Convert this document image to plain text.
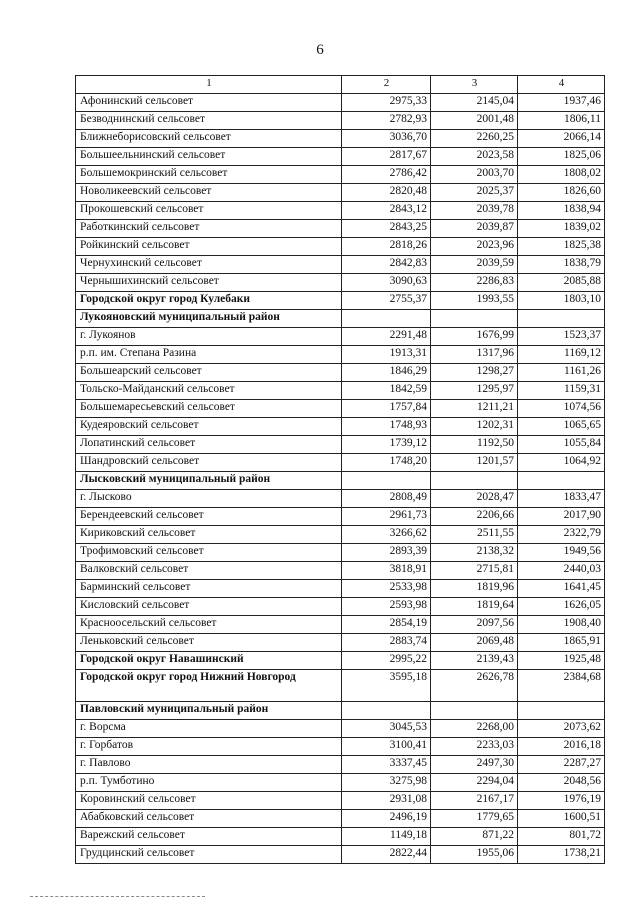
6
1	2	3	4
Афонинский сельсовет	2975,33	2145,04	1937,46
Безводнинский сельсовет	2782,93	2001,48	1806,11
Ближнеборисовский сельсовет	3036,70	2260,25	2066,14
Большеельнинский сельсовет	2817,67	2023,58	1825,06
Большемокринский сельсовет	2786,42	2003,70	1808,02
Новоликеевский сельсовет	2820,48	2025,37	1826,60
Прокошевский сельсовет	2843,12	2039,78	1838,94
Работкинский сельсовет	2843,25	2039,87	1839,02
Ройкинский сельсовет	2818,26	2023,96	1825,38
Чернухинский сельсовет	2842,83	2039,59	1838,79
Чернышихинский сельсовет	3090,63	2286,83	2085,88
Городской округ город Кулебаки	2755,37	1993,55	1803,10
Лукояновский муниципальный район			
г. Лукоянов	2291,48	1676,99	1523,37
р.п. им. Степана Разина	1913,31	1317,96	1169,12
Большеарский сельсовет	1846,29	1298,27	1161,26
Тольско-Майданский сельсовет	1842,59	1295,97	1159,31
Большемаресьевский сельсовет	1757,84	1211,21	1074,56
Кудеяровский сельсовет	1748,93	1202,31	1065,65
Лопатинский сельсовет	1739,12	1192,50	1055,84
Шандровский сельсовет	1748,20	1201,57	1064,92
Лысковский муниципальный район			
г. Лысково	2808,49	2028,47	1833,47
Берендеевский сельсовет	2961,73	2206,66	2017,90
Кириковский сельсовет	3266,62	2511,55	2322,79
Трофимовский сельсовет	2893,39	2138,32	1949,56
Валковский сельсовет	3818,91	2715,81	2440,03
Барминский сельсовет	2533,98	1819,96	1641,45
Кисловский сельсовет	2593,98	1819,64	1626,05
Красноосельский сельсовет	2854,19	2097,56	1908,40
Леньковский сельсовет	2883,74	2069,48	1865,91
Городской округ Навашинский	2995,22	2139,43	1925,48
Городской округ город Нижний Новгород	3595,18	2626,78	2384,68
Павловский муниципальный район			
г. Ворсма	3045,53	2268,00	2073,62
г. Горбатов	3100,41	2233,03	2016,18
г. Павлово	3337,45	2497,30	2287,27
р.п. Тумботино	3275,98	2294,04	2048,56
Коровинский сельсовет	2931,08	2167,17	1976,19
Абабковский сельсовет	2496,19	1779,65	1600,51
Варежский сельсовет	1149,18	871,22	801,72
Грудцинский сельсовет	2822,44	1955,06	1738,21
